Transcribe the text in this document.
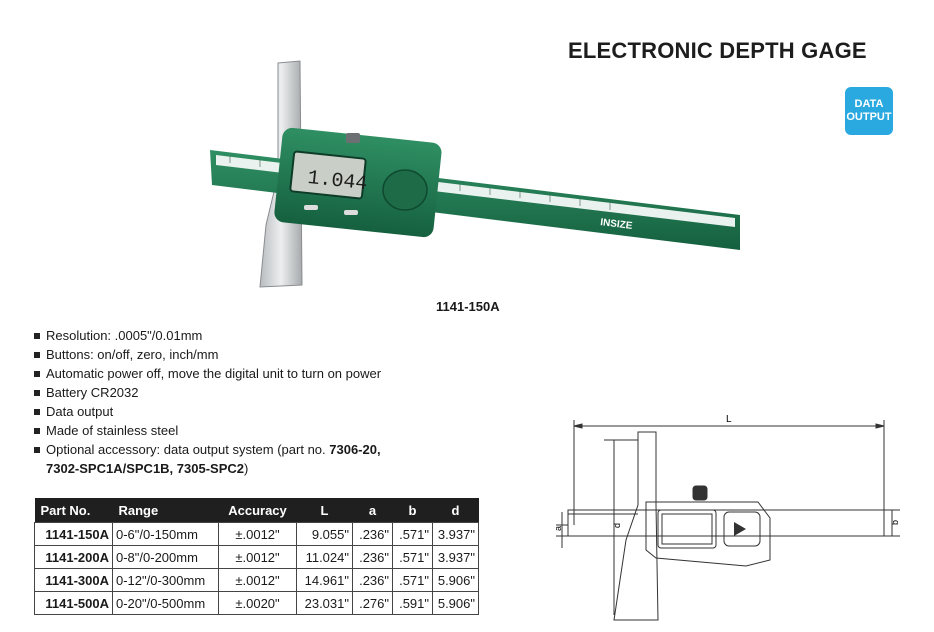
ELECTRONIC DEPTH GAGE
DATA
OUTPUT
INSIZE
1.044
1141-150A
Resolution: .0005"/0.01mm
Buttons: on/off, zero, inch/mm
Automatic power off, move the digital unit to turn on power
Battery CR2032
Data output
Made of stainless steel
Optional accessory: data output system (part no. 7306-20,
7302-SPC1A/SPC1B, 7305-SPC2)
Part No.	Range	Accuracy	L	a	b	d
1141-150A	0-6"/0-150mm	±.0012"	9.055"	.236"	.571"	3.937"
1141-200A	0-8"/0-200mm	±.0012"	11.024"	.236"	.571"	3.937"
1141-300A	0-12"/0-300mm	±.0012"	14.961"	.236"	.571"	5.906"
1141-500A	0-20"/0-500mm	±.0020"	23.031"	.276"	.591"	5.906"
L
a
b
d
